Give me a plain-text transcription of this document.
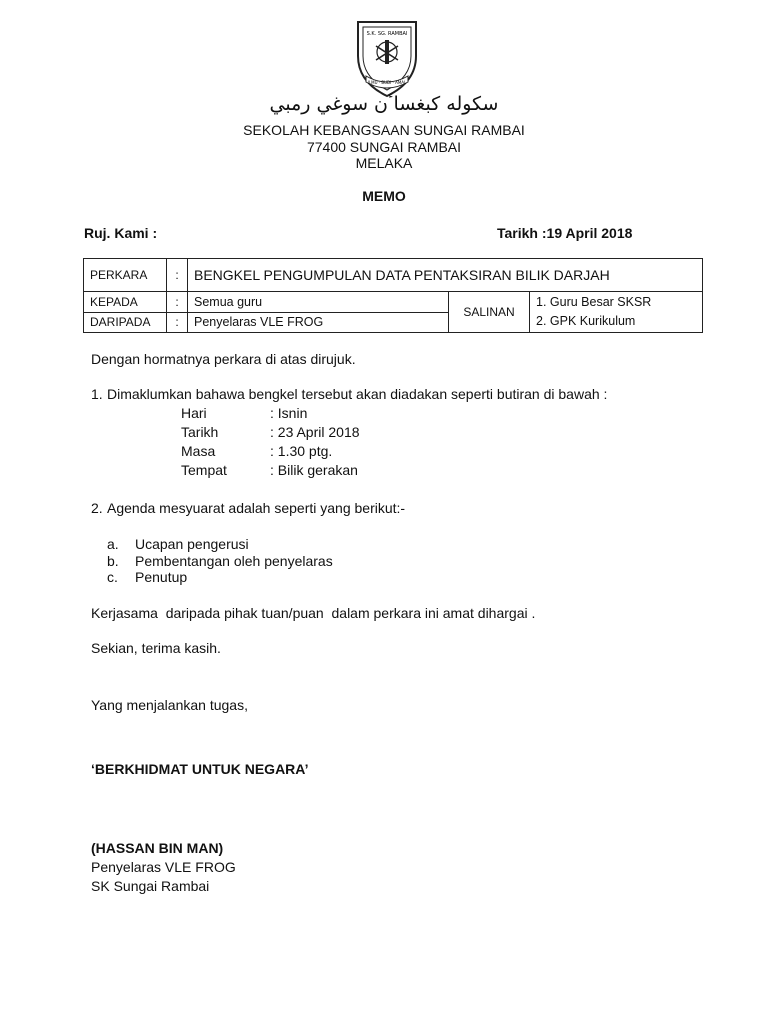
S.K. SG. RAMBAI
ILMU · BUDI · AMAL
سکوله کبغسا‌ٴن سوغي رمبي
SEKOLAH KEBANGSAAN SUNGAI RAMBAI
77400 SUNGAI RAMBAI
MELAKA
MEMO
Ruj. Kami :	Tarikh :19 April 2018
PERKARA	:	BENGKEL PENGUMPULAN DATA PENTAKSIRAN BILIK DARJAH		
KEPADA	:	Semua guru	SALINAN	1. Guru Besar SKSR
2. GPK Kurikulum

DARIPADA	:	Penyelaras VLE FROG		
Dengan hormatnya perkara di atas dirujuk.
1. Dimaklumkan bahawa bengkel tersebut akan diadakan seperti butiran di bawah :
Hari	: Isnin
Tarikh	: 23 April 2018
Masa	: 1.30 ptg.
Tempat	: Bilik gerakan
2. Agenda mesyuarat adalah seperti yang berikut:-
a. Ucapan pengerusi
b. Pembentangan oleh penyelaras
c. Penutup
Kerjasama  daripada pihak tuan/puan  dalam perkara ini amat dihargai .
Sekian, terima kasih.
Yang menjalankan tugas,
‘BERKHIDMAT UNTUK NEGARA’
(HASSAN BIN MAN)
Penyelaras VLE FROG
SK Sungai Rambai
